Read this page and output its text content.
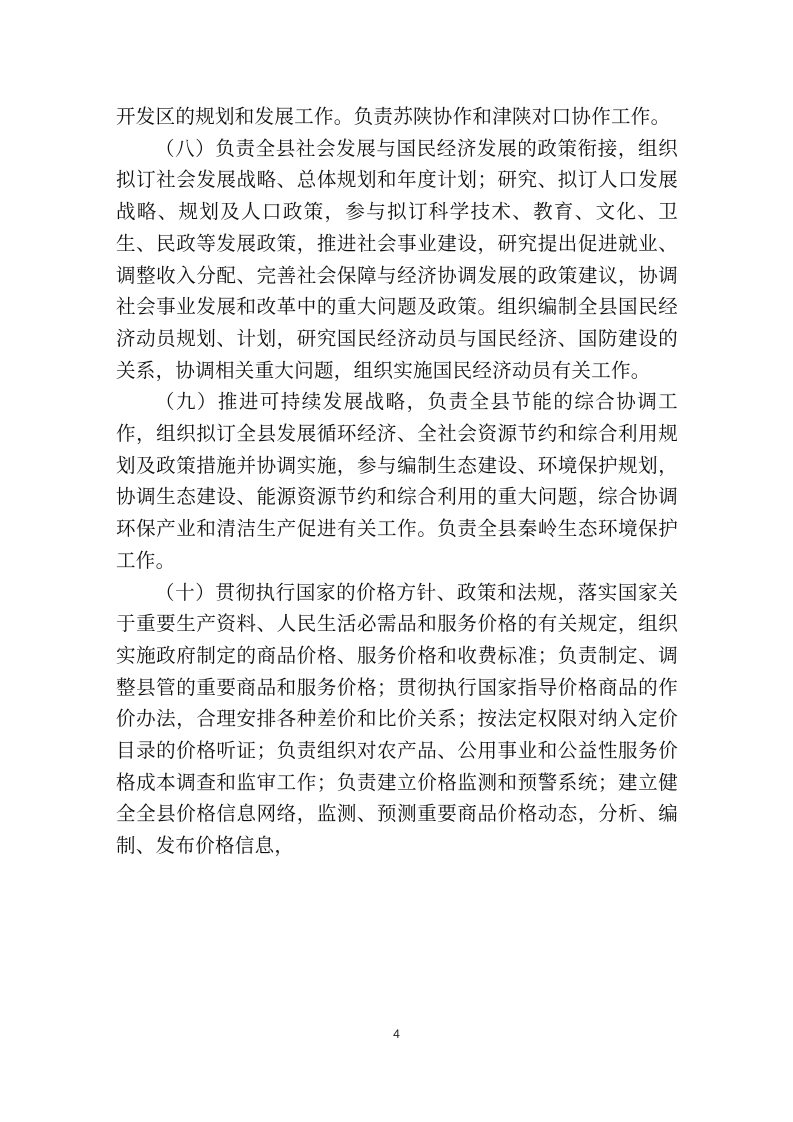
开发区的规划和发展工作。负责苏陕协作和津陕对口协作工作。

（八）负责全县社会发展与国民经济发展的政策衔接，组织拟订社会发展战略、总体规划和年度计划；研究、拟订人口发展战略、规划及人口政策，参与拟订科学技术、教育、文化、卫生、民政等发展政策，推进社会事业建设，研究提出促进就业、调整收入分配、完善社会保障与经济协调发展的政策建议，协调社会事业发展和改革中的重大问题及政策。组织编制全县国民经济动员规划、计划，研究国民经济动员与国民经济、国防建设的关系，协调相关重大问题，组织实施国民经济动员有关工作。

（九）推进可持续发展战略，负责全县节能的综合协调工作，组织拟订全县发展循环经济、全社会资源节约和综合利用规划及政策措施并协调实施，参与编制生态建设、环境保护规划，协调生态建设、能源资源节约和综合利用的重大问题，综合协调环保产业和清洁生产促进有关工作。负责全县秦岭生态环境保护工作。

（十）贯彻执行国家的价格方针、政策和法规，落实国家关于重要生产资料、人民生活必需品和服务价格的有关规定，组织实施政府制定的商品价格、服务价格和收费标准；负责制定、调整县管的重要商品和服务价格；贯彻执行国家指导价格商品的作价办法，合理安排各种差价和比价关系；按法定权限对纳入定价目录的价格听证；负责组织对农产品、公用事业和公益性服务价格成本调查和监审工作；负责建立价格监测和预警系统；建立健全全县价格信息网络，监测、预测重要商品价格动态，分析、编制、发布价格信息，

4
